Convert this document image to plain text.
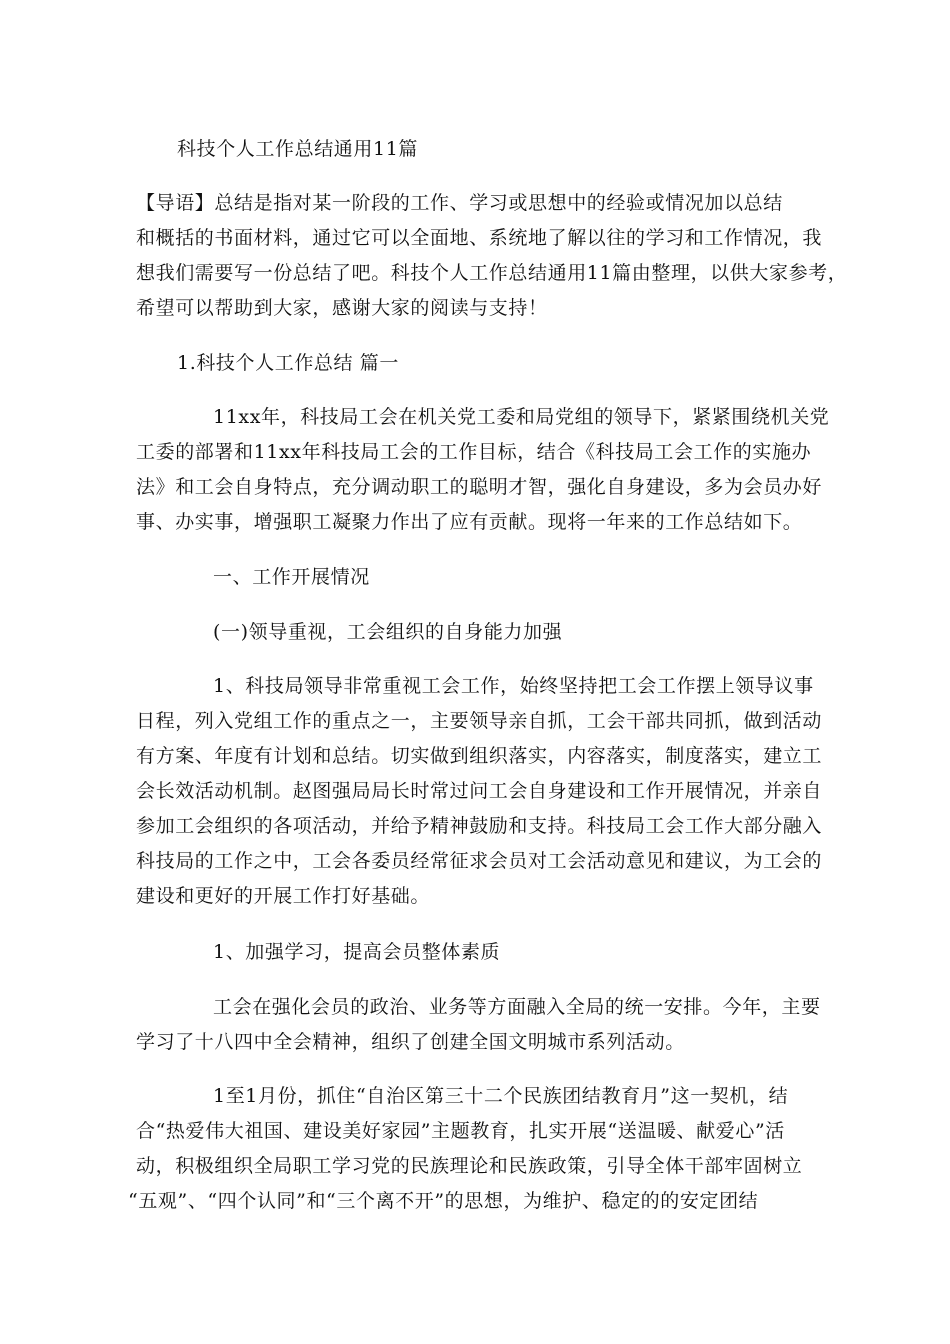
科技个人工作总结通用11篇
【导语】总结是指对某一阶段的工作、学习或思想中的经验或情况加以总结
和概括的书面材料，通过它可以全面地、系统地了解以往的学习和工作情况，我
想我们需要写一份总结了吧。科技个人工作总结通用11篇由整理，以供大家参考，
希望可以帮助到大家，感谢大家的阅读与支持！
1.科技个人工作总结 篇一
11xx年，科技局工会在机关党工委和局党组的领导下，紧紧围绕机关党
工委的部署和11xx年科技局工会的工作目标，结合《科技局工会工作的实施办
法》和工会自身特点，充分调动职工的聪明才智，强化自身建设，多为会员办好
事、办实事，增强职工凝聚力作出了应有贡献。现将一年来的工作总结如下。
一、工作开展情况
(一)领导重视，工会组织的自身能力加强
1、科技局领导非常重视工会工作，始终坚持把工会工作摆上领导议事
日程，列入党组工作的重点之一，主要领导亲自抓，工会干部共同抓，做到活动
有方案、年度有计划和总结。切实做到组织落实，内容落实，制度落实，建立工
会长效活动机制。赵图强局局长时常过问工会自身建设和工作开展情况，并亲自
参加工会组织的各项活动，并给予精神鼓励和支持。科技局工会工作大部分融入
科技局的工作之中，工会各委员经常征求会员对工会活动意见和建议，为工会的
建设和更好的开展工作打好基础。
1、加强学习，提高会员整体素质
工会在强化会员的政治、业务等方面融入全局的统一安排。今年，主要
学习了十八四中全会精神，组织了创建全国文明城市系列活动。
1至1月份，抓住“自治区第三十二个民族团结教育月”这一契机，结
合“热爱伟大祖国、建设美好家园”主题教育，扎实开展“送温暖、献爱心”活
动，积极组织全局职工学习党的民族理论和民族政策，引导全体干部牢固树立
“五观”、“四个认同”和“三个离不开”的思想，为维护、稳定的的安定团结
